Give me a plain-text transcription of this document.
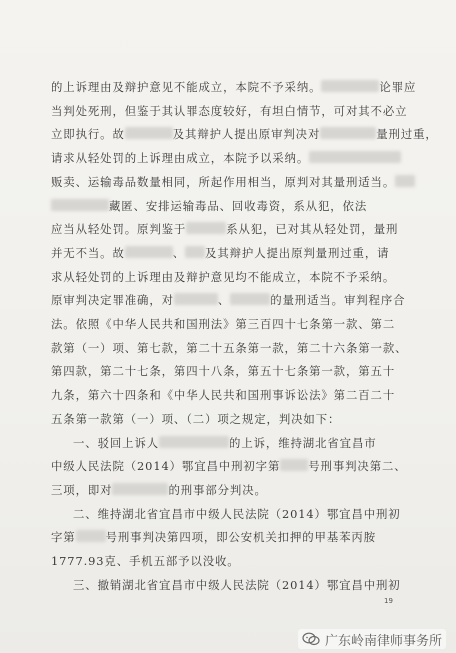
的上诉理由及辩护意见不能成立，本院不予采纳。	论罪应
当判处死刑，但鉴于其认罪态度较好，有坦白情节，可对其不必立
立即执行。故	及其辩护人提出原审判决对	量刑过重，
请求从轻处罚的上诉理由成立，本院予以采纳。
贩卖、运输毒品数量相同，所起作用相当，原判对其量刑适当。
藏匿、安排运输毒品、回收毒资，系从犯，依法
应当从轻处罚。原判鉴于	系从犯，已对其从轻处罚，量刑
并无不当。故	、 及其辩护人提出原判量刑过重，请
求从轻处罚的上诉理由及辩护意见均不能成立，本院不予采纳。
原审判决定罪准确，对	、	的量刑适当。审判程序合
法。依照《中华人民共和国刑法》第三百四十七条第一款、第二
款第（一）项、第七款，第二十五条第一款，第二十六条第一款、
第四款，第二十七条，第四十八条，第五十七条第一款，第五十
九条，第六十四条和《中华人民共和国刑事诉讼法》第二百二十
五条第一款第（一）项、（二）项之规定，判决如下：
一、驳回上诉人	的上诉，维持湖北省宜昌市
中级人民法院（2014）鄂宜昌中刑初字第 号刑事判决第二、
三项，即对	的刑事部分判决。
二、维持湖北省宜昌市中级人民法院（2014）鄂宜昌中刑初
字第	号刑事判决第四项，即公安机关扣押的甲基苯丙胺
1777.93克、手机五部予以没收。
三、撤销湖北省宜昌市中级人民法院（2014）鄂宜昌中刑初
19
广东岭南律师事务所
